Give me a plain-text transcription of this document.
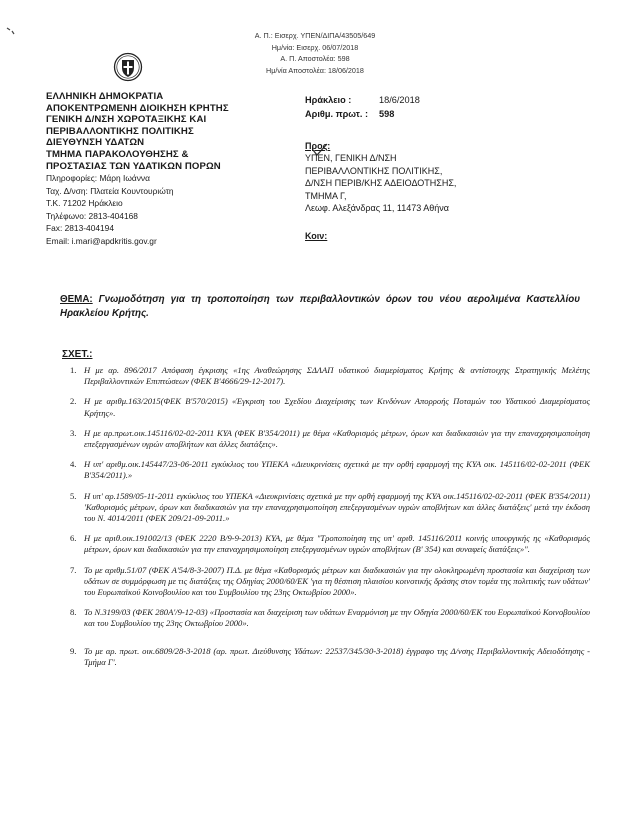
Α. Π.: Εισερχ. ΥΠΕΝ/ΔΙΠΑ/43505/649
Ημ/νία: Εισερχ. 06/07/2018
Α. Π. Αποστολέα: 598
Ημ/νία Αποστολέα: 18/06/2018
ΕΛΛΗΝΙΚΗ ΔΗΜΟΚΡΑΤΙΑ
ΑΠΟΚΕΝΤΡΩΜΕΝΗ ΔΙΟΙΚΗΣΗ ΚΡΗΤΗΣ
ΓΕΝΙΚΗ Δ/ΝΣΗ ΧΩΡΟΤΑΞΙΚΗΣ ΚΑΙ
ΠΕΡΙΒΑΛΛΟΝΤΙΚΗΣ ΠΟΛΙΤΙΚΗΣ
ΔΙΕΥΘΥΝΣΗ ΥΔΑΤΩΝ
ΤΜΗΜΑ ΠΑΡΑΚΟΛΟΥΘΗΣΗΣ &
ΠΡΟΣΤΑΣΙΑΣ ΤΩΝ ΥΔΑΤΙΚΩΝ ΠΟΡΩΝ
Πληροφορίες: Μάρη Ιωάννα
Ταχ. Δ/νση: Πλατεία Κουντουριώτη
Τ.Κ. 71202 Ηράκλειο
Τηλέφωνο: 2813-404168
Fax: 2813-404194
Email: i.mari@apdkritis.gov.gr
Ηράκλειο :	18/6/2018
Αριθμ. πρωτ. :	598
Προς:
ΥΠΕΝ, ΓΕΝΙΚΗ Δ/ΝΣΗ
ΠΕΡΙΒΑΛΛΟΝΤΙΚΗΣ ΠΟΛΙΤΙΚΗΣ,
Δ/ΝΣΗ ΠΕΡΙΒ/ΚΗΣ ΑΔΕΙΟΔΟΤΗΣΗΣ,
ΤΜΗΜΑ Γ,
Λεωφ. Αλεξάνδρας 11, 11473 Αθήνα
Κοιν:
ΘΕΜΑ: Γνωμοδότηση για τη τροποποίηση των περιβαλλοντικών όρων του νέου αερολιμένα Καστελλίου Ηρακλείου Κρήτης.
ΣΧΕΤ.:
1. Η με αρ. 896/2017 Απόφαση έγκρισης «1ης Αναθεώρησης ΣΔΛΑΠ υδατικού διαμερίσματος Κρήτης & αντίστοιχης Στρατηγικής Μελέτης Περιβαλλοντικών Επιπτώσεων (ΦΕΚ Β'4666/29-12-2017).
2. Η με αριθμ.163/2015(ΦΕΚ Β'570/2015) «Έγκριση του Σχεδίου Διαχείρισης των Κινδύνων Απορροής Ποταμών του Υδατικού Διαμερίσματος Κρήτης».
3. Η με αρ.πρωτ.οικ.145116/02-02-2011 ΚΥΑ (ΦΕΚ Β'354/2011) με θέμα «Καθορισμός μέτρων, όρων και διαδικασιών για την επαναχρησιμοποίηση επεξεργασμένων υγρών αποβλήτων και άλλες διατάξεις».
4. Η υπ' αριθμ.οικ.145447/23-06-2011 εγκύκλιος του ΥΠΕΚΑ «Διευκρινίσεις σχετικά με την ορθή εφαρμογή της ΚΥΑ οικ. 145116/02-02-2011 (ΦΕΚ Β'354/2011).»
5. Η υπ' αρ.1589/05-11-2011 εγκύκλιος του ΥΠΕΚΑ «Διευκρινίσεις σχετικά με την ορθή εφαρμογή της ΚΥΑ οικ.145116/02-02-2011 (ΦΕΚ Β'354/2011) 'Καθορισμός μέτρων, όρων και διαδικασιών για την επαναχρησιμοποίηση επεξεργασμένων υγρών αποβλήτων και άλλες διατάξεις' μετά την έκδοση του Ν. 4014/2011 (ΦΕΚ 209/21-09-2011.»
6. Η με αριθ.οικ.191002/13 (ΦΕΚ 2220 Β/9-9-2013) ΚΥΑ, με θέμα "Τροποποίηση της υπ' αριθ. 145116/2011 κοινής υπουργικής ης «Καθορισμός μέτρων, όρων και διαδικασιών για την επαναχρησιμοποίηση επεξεργασμένων υγρών αποβλήτων (Β' 354) και συναφείς διατάξεις»".
7. Το με αριθμ.51/07 (ΦΕΚ Α'54/8-3-2007) Π.Δ. με θέμα «Καθορισμός μέτρων και διαδικασιών για την ολοκληρωμένη προστασία και διαχείριση των υδάτων σε συμμόρφωση με τις διατάξεις της Οδηγίας 2000/60/ΕΚ 'για τη θέσπιση πλαισίου κοινοτικής δράσης στον τομέα της πολιτικής των υδάτων' του Ευρωπαϊκού Κοινοβουλίου και του Συμβουλίου της 23ης Οκτωβρίου 2000».
8. Το Ν.3199/03 (ΦΕΚ 280Α'/9-12-03) «Προστασία και διαχείριση των υδάτων Εναρμόνιση με την Οδηγία 2000/60/ΕΚ του Ευρωπαϊκού Κοινοβουλίου και του Συμβουλίου της 23ης Οκτωβρίου 2000».
9. Το με αρ. πρωτ. οικ.6809/28-3-2018 (αρ. πρωτ. Διεύθυνσης Υδάτων: 22537/345/30-3-2018) έγγραφο της Δ/νσης Περιβαλλοντικής Αδειοδότησης - Τμήμα Γ'.
